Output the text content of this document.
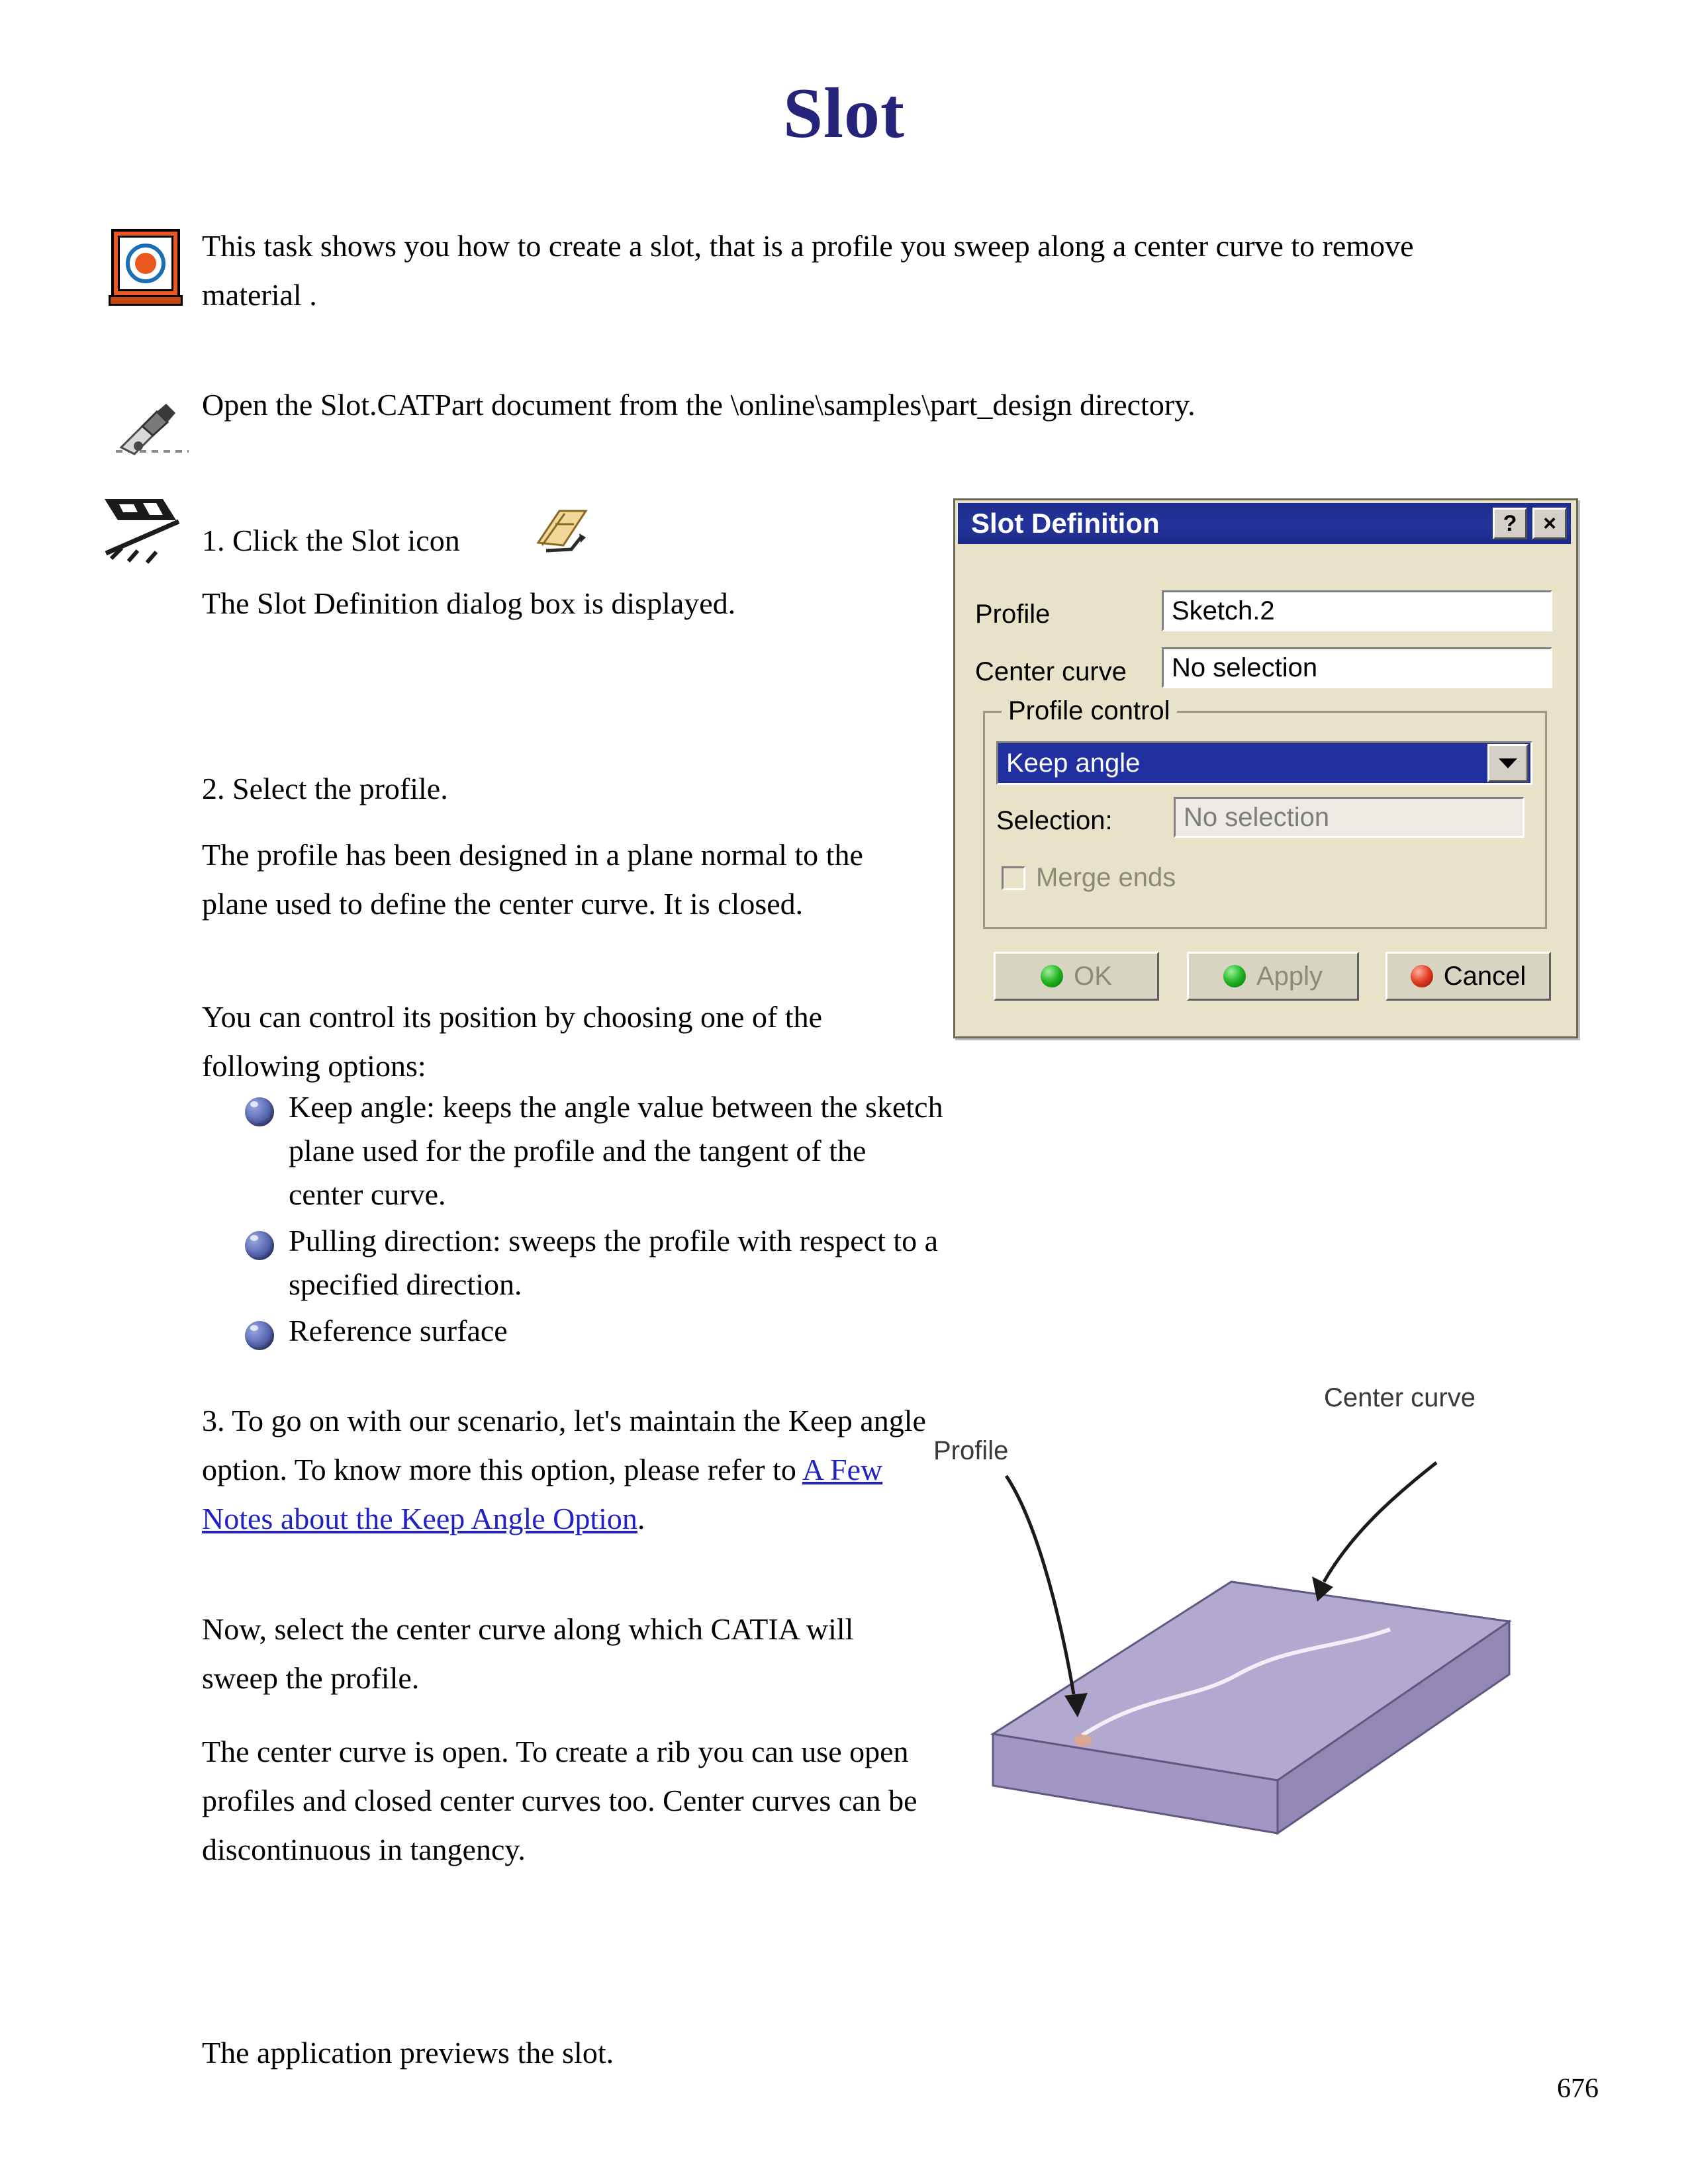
Slot
This task shows you how to create a slot, that is a profile you sweep along a center curve to remove material .
Open the Slot.CATPart document from the \online\samples\part_design directory.
1. Click the Slot icon
The Slot Definition dialog box is displayed.
2. Select the profile.
The profile has been designed in a plane normal to the plane used to define the center curve. It is closed.
You can control its position by choosing one of the following options:
Keep angle: keeps the angle value between the sketch plane used for the profile and the tangent of the center curve.
Pulling direction: sweeps the profile with respect to a specified direction.
Reference surface
3. To go on with our scenario, let's maintain the Keep angle option. To know more this option, please refer to A Few Notes about the Keep Angle Option.
Now, select the center curve along which CATIA will sweep the profile.
The center curve is open. To create a rib you can use open profiles and closed center curves too. Center curves can be discontinuous in tangency.
The application previews the slot.
Slot Definition	?	×
Profile	Sketch.2
Center curve	No selection
Profile control
Keep angle
Selection:	No selection
Merge ends
OK	Apply	Cancel
Center curve
Profile
676
